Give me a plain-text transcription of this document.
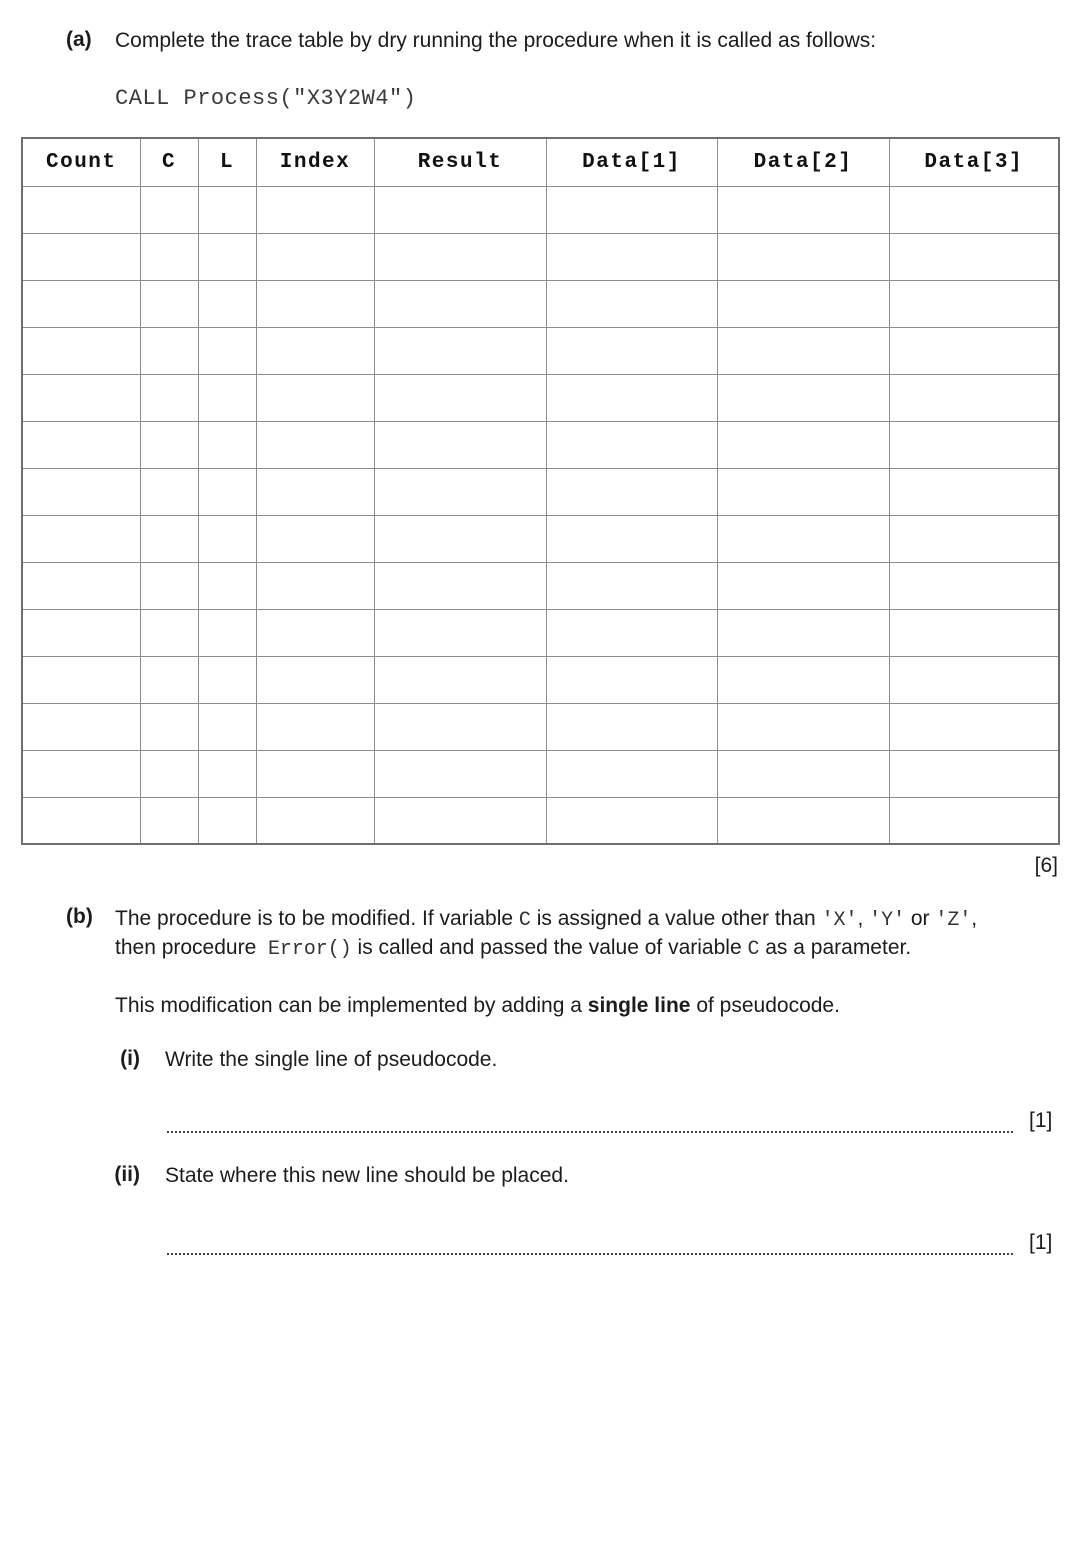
(a)	Complete the trace table by dry running the procedure when it is called as follows:
CALL Process("X3Y2W4")
Count	C	L	Index	Result	Data[1]	Data[2]	Data[3]

[6]
(b)	The procedure is to be modified. If variable C is assigned a value other than 'X', 'Y' or 'Z',
then procedure  Error() is called and passed the value of variable C as a parameter.
This modification can be implemented by adding a single line of pseudocode.
(i) Write the single line of pseudocode.
[1]
(ii) State where this new line should be placed.
[1]
